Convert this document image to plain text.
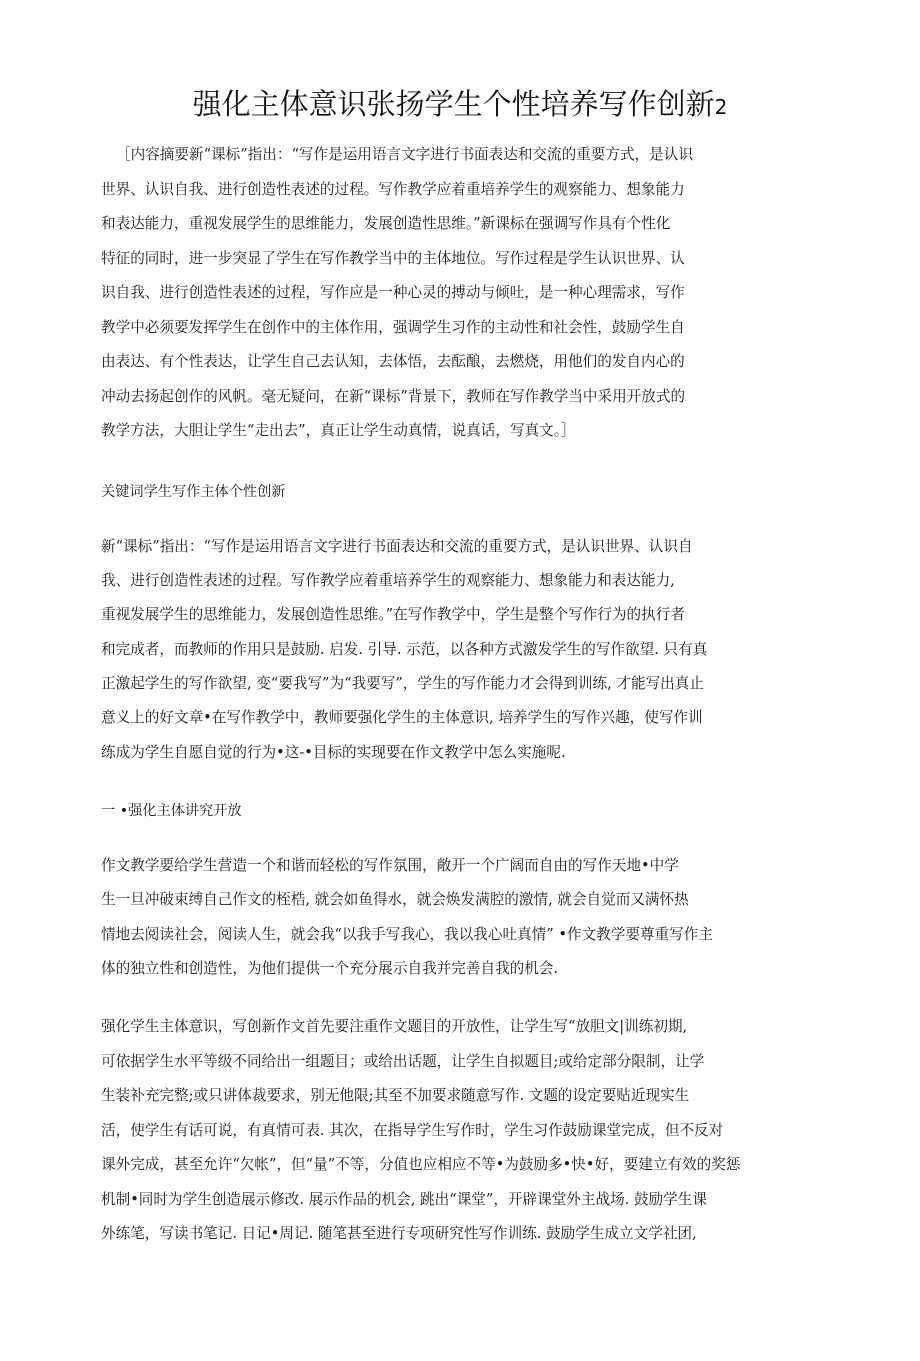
强化主体意识张扬学生个性培养写作创新2

［内容摘要新“课标”指出：“写作是运用语言文字进行书面表达和交流的重要方式，是认识

世界、认识自我、进行创造性表述的过程。写作教学应着重培养学生的观察能力、想象能力

和表达能力，重视发展学生的思维能力，发展创造性思维。”新课标在强调写作具有个性化

特征的同时，进一步突显了学生在写作教学当中的主体地位。写作过程是学生认识世界、认

识自我、进行创造性表述的过程，写作应是一种心灵的搏动与倾吐，是一种心理需求，写作

教学中必须要发挥学生在创作中的主体作用，强调学生习作的主动性和社会性，鼓励学生自

由表达、有个性表达，让学生自己去认知，去体悟，去酝酿，去燃烧，用他们的发自内心的

冲动去扬起创作的风帆。毫无疑问，在新“课标”背景下，教师在写作教学当中采用开放式的

教学方法，大胆让学生“走出去”，真正让学生动真情，说真话，写真文。］

关键词学生写作主体个性创新

新“课标”指出：“写作是运用语言文字进行书面表达和交流的重要方式，是认识世界、认识自

我、进行创造性表述的过程。写作教学应着重培养学生的观察能力、想象能力和表达能力,

重视发展学生的思维能力，发展创造性思维。”在写作教学中，学生是整个写作行为的执行者

和完成者，而教师的作用只是鼓励. 启发. 引导. 示范，以各种方式激发学生的写作欲望. 只有真

正激起学生的写作欲望, 变“要我写”为“我要写”，学生的写作能力才会得到训练, 才能写出真止

意义上的好文章•在写作教学中，教师要强化学生的主体意识, 培养学生的写作兴趣，使写作训

练成为学生自愿自觉的行为•这-•目标的实现要在作文教学中怎么实施呢.

一 •强化主体讲究开放

作文教学要给学生营造一个和谐而轻松的写作氛围，敞开一个广阔而自由的写作天地•中学

生一旦冲破束缚自己作文的桎梏, 就会如鱼得水，就会焕发满腔的激情, 就会自觉而又满怀热

情地去阅读社会，阅读人生，就会我“以我手写我心，我以我心吐真情” •作文教学要尊重写作主

体的独立性和创造性，为他们提供一个充分展示自我并完善自我的机会.

强化学生主体意识，写创新作文首先要注重作文题目的开放性，让学生写“放胆文|训练初期,

可依据学生水平等级不同给出一组题目；或给出话题，让学生自拟题目;或给定部分限制，让学

生装补充完整;或只讲体裁要求，别无他限;其至不加要求随意写作. 文题的设定要贴近现实生

活，使学生有话可说，有真情可表. 其次，在指导学生写作时，学生习作鼓励课堂完成，但不反对

课外完成，甚至允许“欠帐”，但“量”不等，分值也应相应不等•为鼓励多•快•好，要建立有效的奖惩

机制•同时为学生创造展示修改. 展示作品的机会, 跳出“课堂”，开辟课堂外主战场. 鼓励学生课

外练笔，写读书笔记. 日记•周记. 随笔甚至进行专项研究性写作训练. 鼓励学生成立文学社团,
